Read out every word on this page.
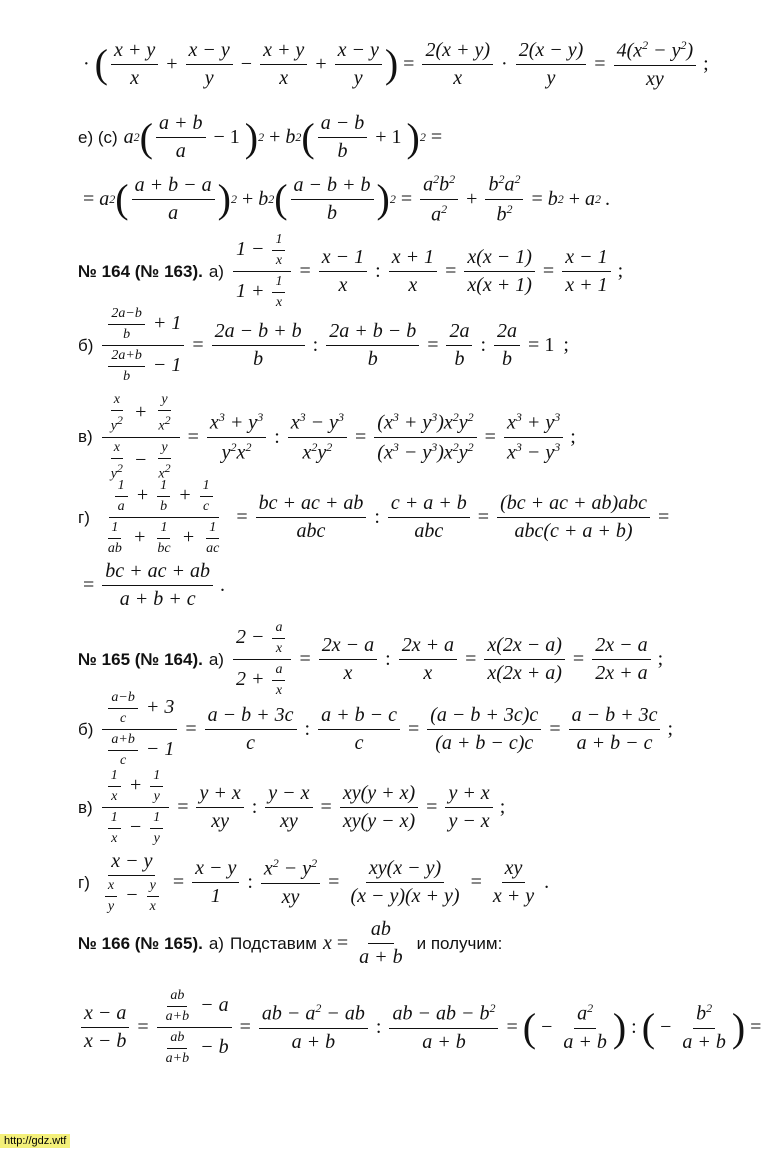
· ( $\frac{x + y}{x} + \frac{x - y}{y} - \frac{x + y}{x} + \frac{x - y}{y}$ ) = $\frac{2(x + y)}{x} \cdot \frac{2(x - y)}{y} = \frac{4(x^2 - y^2)}{xy}$ ;
е) (с) a 2 ( $\frac{a + b}{a} - 1$ ) 2 + b 2 ( $\frac{a - b}{b} + 1$ ) 2 =
= a 2 ( $\frac{a + b - a}{a}$ ) 2 + b 2 ( $\frac{a - b + b}{b}$ ) $2 = \frac{a^2b^2}{a^2} + \frac{b^2a^2}{b^2} = b$ 2 + a 2 .
№ 164 (№ 163). $а) \frac{1 - \frac{1}{x}}{1 + \frac{1}{x}} = \frac{x - 1}{x}$ : $\frac{x + 1}{x} = \frac{x(x - 1)}{x(x + 1)} = \frac{x - 1}{x + 1}$ ;
$б) \frac{\frac{2a-b}{b} + 1}{\frac{2a+b}{b} - 1} = \frac{2a - b + b}{b}$ : $\frac{2a + b - b}{b} = \frac{2a}{b}$ : $\frac{2a}{b} = 1$ ;
$в) \frac{\frac{x}{y2} + \frac{y}{x2}}{\frac{x}{y2} - \frac{y}{x2}} = \frac{x^3 + y^3}{y^2x^2}$ : $\frac{x^3 - y^3}{x^2y^2} = \frac{(x^3 + y^3)x^2y^2}{(x^3 - y^3)x^2y^2} = \frac{x^3 + y^3}{x^3 - y^3}$ ;
$г) \frac{\frac{1}{a} + \frac{1}{b} + \frac{1}{c}}{\frac{1}{ab} + \frac{1}{bc} + \frac{1}{ac}} = \frac{bc + ac + ab}{\text{abc}}$ : $\frac{c + a + b}{\text{abc}} = \frac{\text{(bc + ac + ab)abc}}{\text{abc(c + a + b)}}$ =
= $\frac{bc + ac + ab}{a + b + c}$ .
№ 165 (№ 164). $а) \frac{2 - \frac{a}{x}}{2 + \frac{a}{x}} = \frac{2x - a}{x}$ : $\frac{2x + a}{x} = \frac{x(2x - a)}{x(2x + a)} = \frac{2x - a}{2x + a}$ ;
$б) \frac{\frac{a-b}{c} + 3}{\frac{a+b}{c} - 1} = \frac{a - b + 3c}{c}$ : $\frac{a + b - c}{c} = \frac{(a - b + 3c)c}{(a + b - c)c} = \frac{a - b + 3c}{a + b - c}$ ;
$в) \frac{\frac{1}{x} + \frac{1}{y}}{\frac{1}{x} - \frac{1}{y}} = \frac{y + x}{xy}$ : $\frac{y - x}{xy} = \frac{xy(y + x)}{xy(y - x)} = \frac{y + x}{y - x}$ ;
$г) \frac{x - y}{\frac{x}{y} - \frac{y}{x}} = \frac{x - y}{1}$ : $\frac{x^2 - y^2}{xy} = \frac{xy(x - y)}{(x - y)(x + y)} = \frac{xy}{x + y}$ .
№ 166 (№ 165). а) Подставим $x = \frac{ab}{a + b}$ и получим:
$\frac{x - a}{x - b} = \frac{\frac{ab}{a+b} - a}{\frac{ab}{a+b} - b} = \frac{ab - a^2 - ab}{a + b}$ : $\frac{ab - ab - b^2}{a + b}$ = ( − $\frac{a^2}{a + b}$ ) : ( − $\frac{b^2}{a + b}$ ) =
http://gdz.wtf
